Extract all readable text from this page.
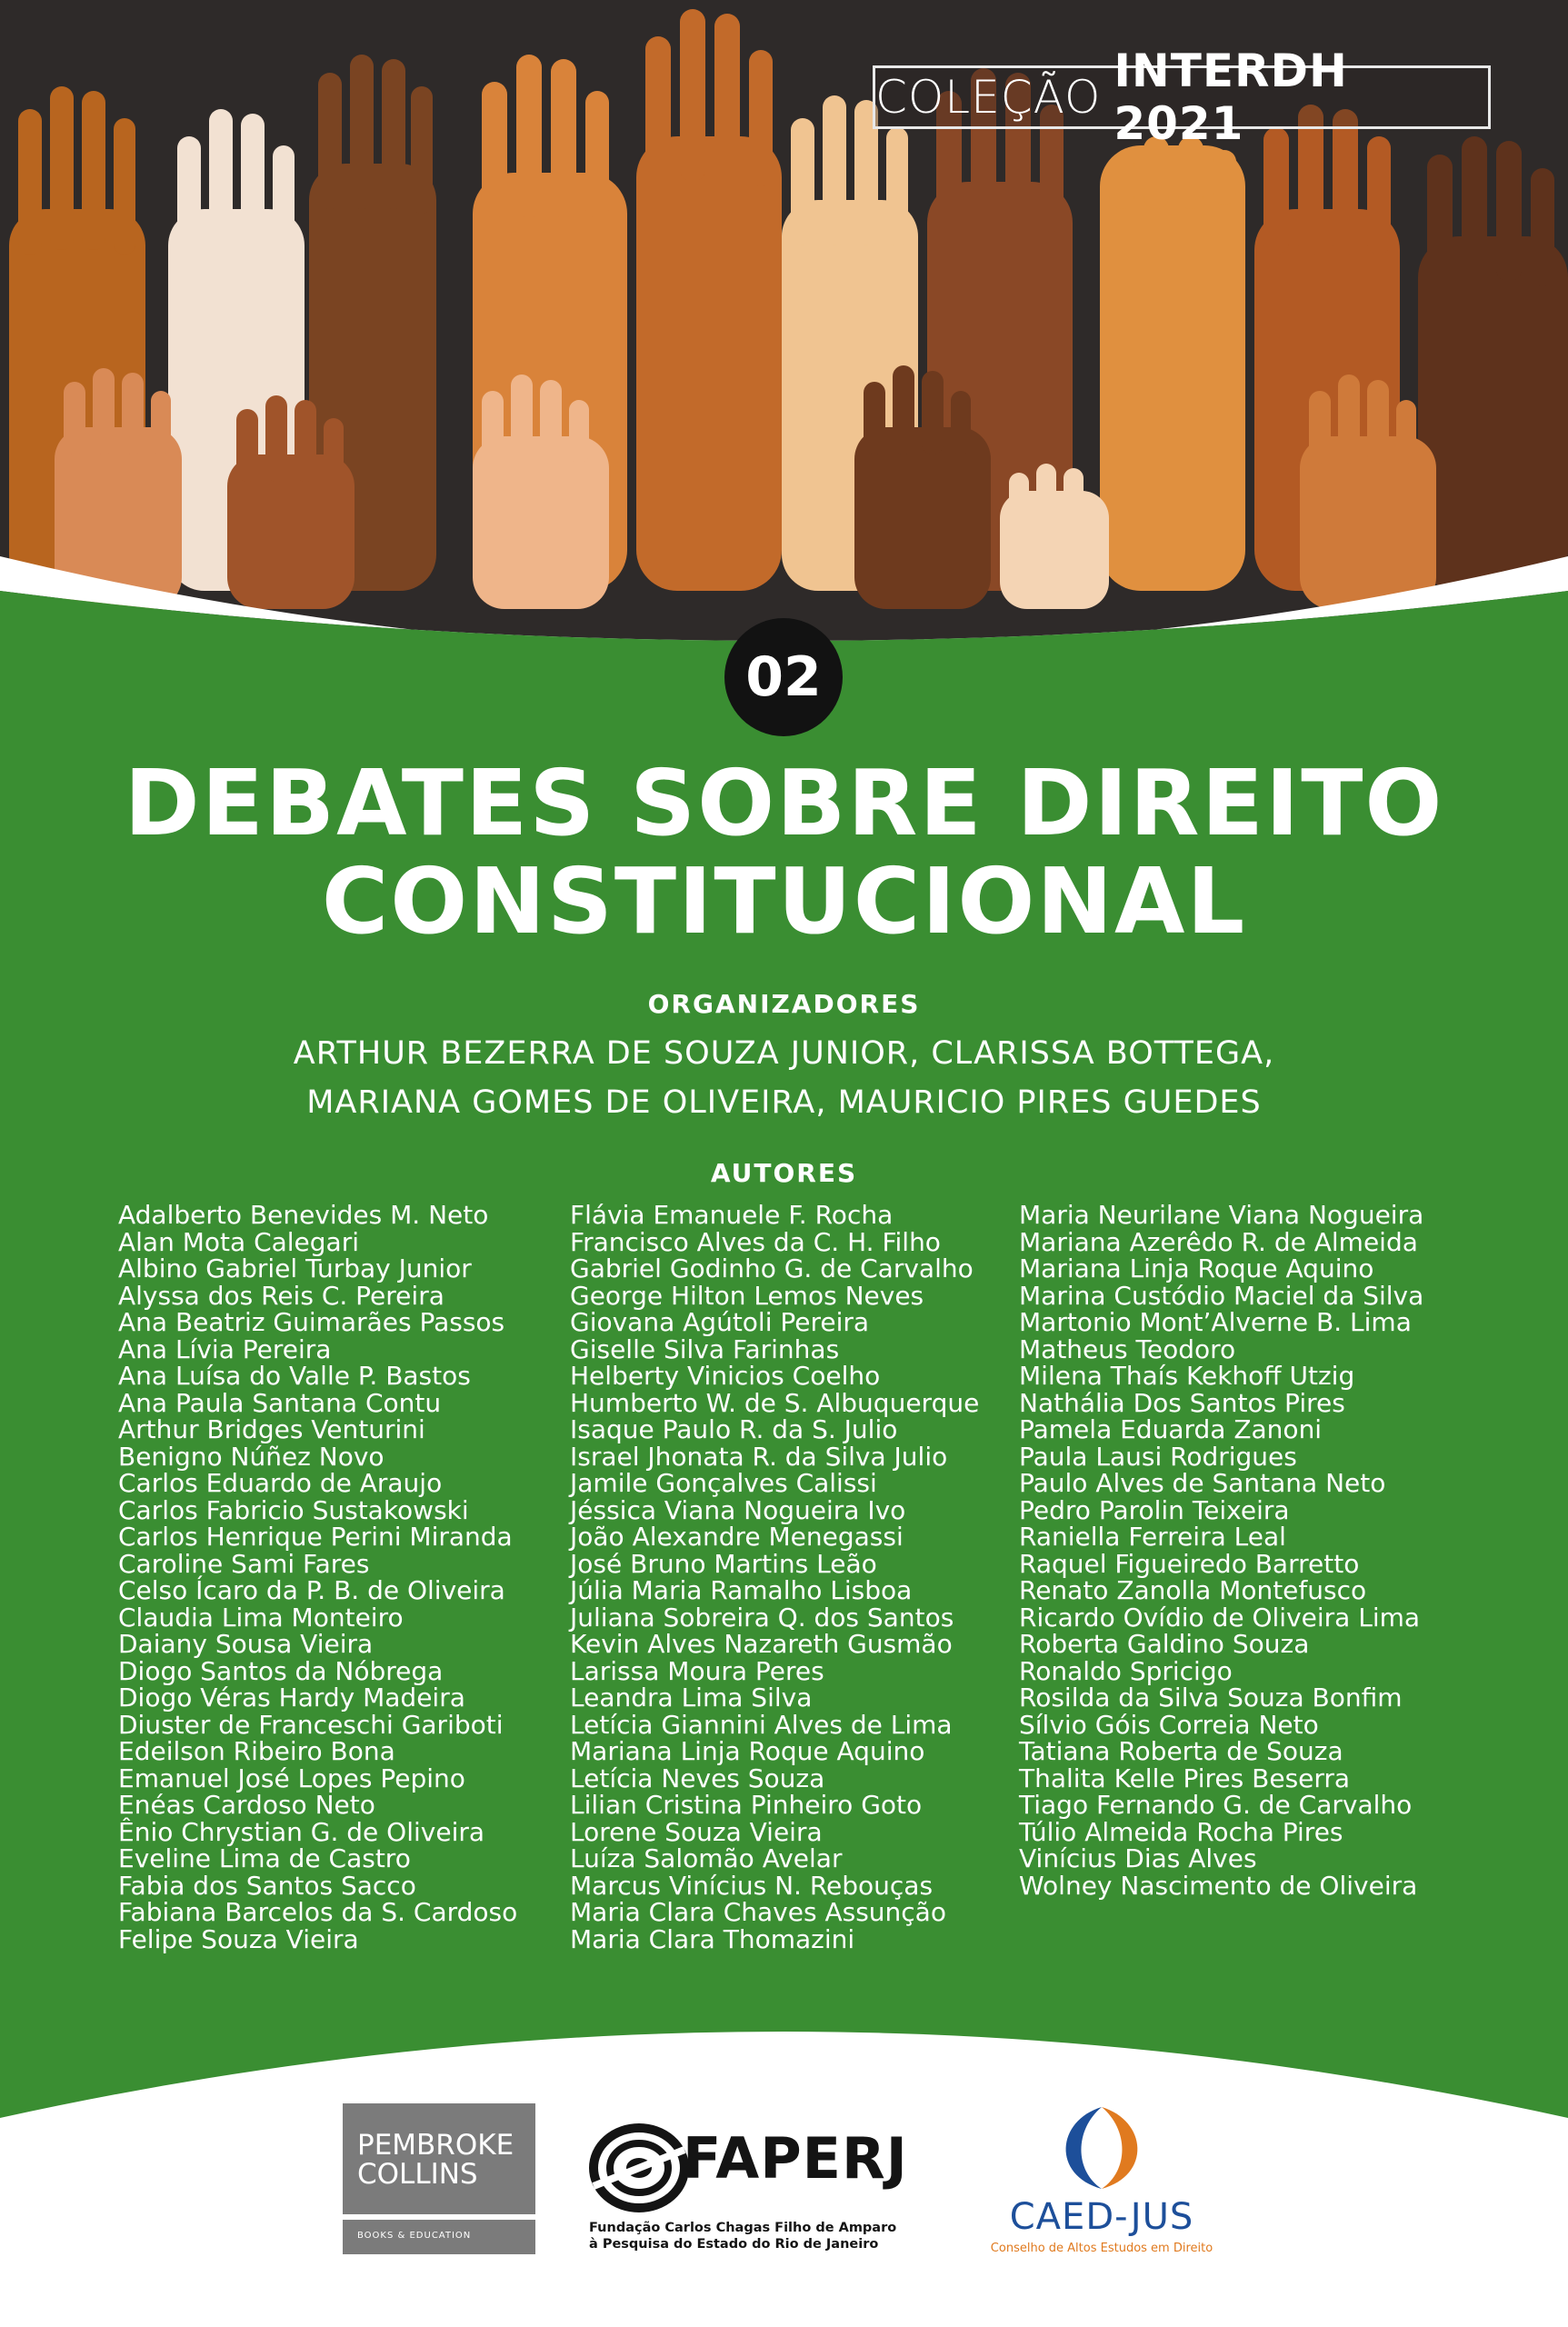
COLEÇÃO INTERDH 2021
02
DEBATES SOBRE DIREITO
CONSTITUCIONAL
ORGANIZADORES
ARTHUR BEZERRA DE SOUZA JUNIOR, CLARISSA BOTTEGA,
MARIANA GOMES DE OLIVEIRA, MAURICIO PIRES GUEDES
AUTORES
Adalberto Benevides M. Neto
Alan Mota Calegari
Albino Gabriel Turbay Junior
Alyssa dos Reis C. Pereira
Ana Beatriz Guimarães Passos
Ana Lívia Pereira
Ana Luísa do Valle P. Bastos
Ana Paula Santana Contu
Arthur Bridges Venturini
Benigno Núñez Novo
Carlos Eduardo de Araujo
Carlos Fabricio Sustakowski
Carlos Henrique Perini Miranda
Caroline Sami Fares
Celso Ícaro da P. B. de Oliveira
Claudia Lima Monteiro
Daiany Sousa Vieira
Diogo Santos da Nóbrega
Diogo Véras Hardy Madeira
Diuster de Franceschi Gariboti
Edeilson Ribeiro Bona
Emanuel José Lopes Pepino
Enéas Cardoso Neto
Ênio Chrystian G. de Oliveira
Eveline Lima de Castro
Fabia dos Santos Sacco
Fabiana Barcelos da S. Cardoso
Felipe Souza Vieira
Flávia Emanuele F. Rocha
Francisco Alves da C. H. Filho
Gabriel Godinho G. de Carvalho
George Hilton Lemos Neves
Giovana Agútoli Pereira
Giselle Silva Farinhas
Helberty Vinicios Coelho
Humberto W. de S. Albuquerque
Isaque Paulo R. da S. Julio
Israel Jhonata R. da Silva Julio
Jamile Gonçalves Calissi
Jéssica Viana Nogueira Ivo
João Alexandre Menegassi
José Bruno Martins Leão
Júlia Maria Ramalho Lisboa
Juliana Sobreira Q. dos Santos
Kevin Alves Nazareth Gusmão
Larissa Moura Peres
Leandra Lima Silva
Letícia Giannini Alves de Lima
Mariana Linja Roque Aquino
Letícia Neves Souza
Lilian Cristina Pinheiro Goto
Lorene Souza Vieira
Luíza Salomão Avelar
Marcus Vinícius N. Rebouças
Maria Clara Chaves Assunção
Maria Clara Thomazini
Maria Neurilane Viana Nogueira
Mariana Azerêdo R. de Almeida
Mariana Linja Roque Aquino
Marina Custódio Maciel da Silva
Martonio Mont’Alverne B. Lima
Matheus Teodoro
Milena Thaís Kekhoff Utzig
Nathália Dos Santos Pires
Pamela Eduarda Zanoni
Paula Lausi Rodrigues
Paulo Alves de Santana Neto
Pedro Parolin Teixeira
Raniella Ferreira Leal
Raquel Figueiredo Barretto
Renato Zanolla Montefusco
Ricardo Ovídio de Oliveira Lima
Roberta Galdino Souza
Ronaldo Spricigo
Rosilda da Silva Souza Bonfim
Sílvio Góis Correia Neto
Tatiana Roberta de Souza
Thalita Kelle Pires Beserra
Tiago Fernando G. de Carvalho
Túlio Almeida Rocha Pires
Vinícius Dias Alves
Wolney Nascimento de Oliveira
PEMBROKE
COLLINS
BOOKS & EDUCATION
FAPERJ
Fundação Carlos Chagas Filho de Amparo
à Pesquisa do Estado do Rio de Janeiro
CAED-JUS
Conselho de Altos Estudos em Direito
